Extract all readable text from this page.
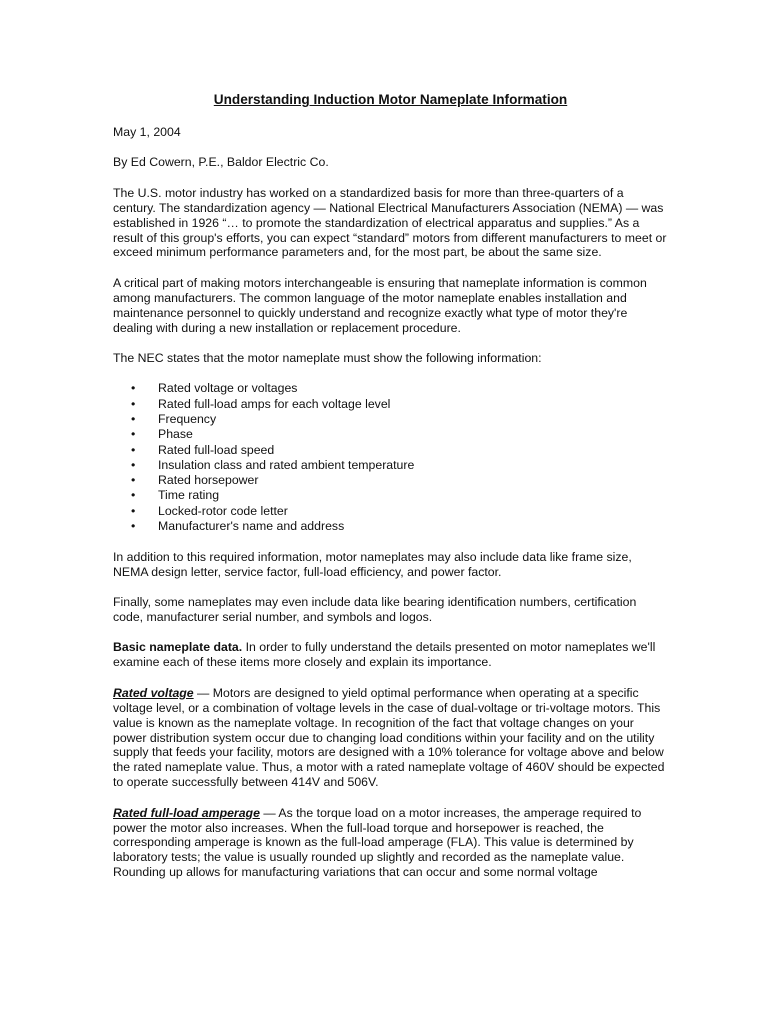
Understanding Induction Motor Nameplate Information

May 1, 2004

By Ed Cowern, P.E., Baldor Electric Co.

The U.S. motor industry has worked on a standardized basis for more than three-quarters of a century. The standardization agency — National Electrical Manufacturers Association (NEMA) — was established in 1926 “… to promote the standardization of electrical apparatus and supplies.” As a result of this group's efforts, you can expect “standard” motors from different manufacturers to meet or exceed minimum performance parameters and, for the most part, be about the same size.

A critical part of making motors interchangeable is ensuring that nameplate information is common among manufacturers. The common language of the motor nameplate enables installation and maintenance personnel to quickly understand and recognize exactly what type of motor they're dealing with during a new installation or replacement procedure.

The NEC states that the motor nameplate must show the following information:

• Rated voltage or voltages
• Rated full-load amps for each voltage level
• Frequency
• Phase
• Rated full-load speed
• Insulation class and rated ambient temperature
• Rated horsepower
• Time rating
• Locked-rotor code letter
• Manufacturer's name and address

In addition to this required information, motor nameplates may also include data like frame size, NEMA design letter, service factor, full-load efficiency, and power factor.

Finally, some nameplates may even include data like bearing identification numbers, certification code, manufacturer serial number, and symbols and logos.

Basic nameplate data. In order to fully understand the details presented on motor nameplates we'll examine each of these items more closely and explain its importance.

Rated voltage — Motors are designed to yield optimal performance when operating at a specific voltage level, or a combination of voltage levels in the case of dual-voltage or tri-voltage motors. This value is known as the nameplate voltage. In recognition of the fact that voltage changes on your power distribution system occur due to changing load conditions within your facility and on the utility supply that feeds your facility, motors are designed with a 10% tolerance for voltage above and below the rated nameplate value. Thus, a motor with a rated nameplate voltage of 460V should be expected to operate successfully between 414V and 506V.

Rated full-load amperage — As the torque load on a motor increases, the amperage required to power the motor also increases. When the full-load torque and horsepower is reached, the corresponding amperage is known as the full-load amperage (FLA). This value is determined by laboratory tests; the value is usually rounded up slightly and recorded as the nameplate value. Rounding up allows for manufacturing variations that can occur and some normal voltage
